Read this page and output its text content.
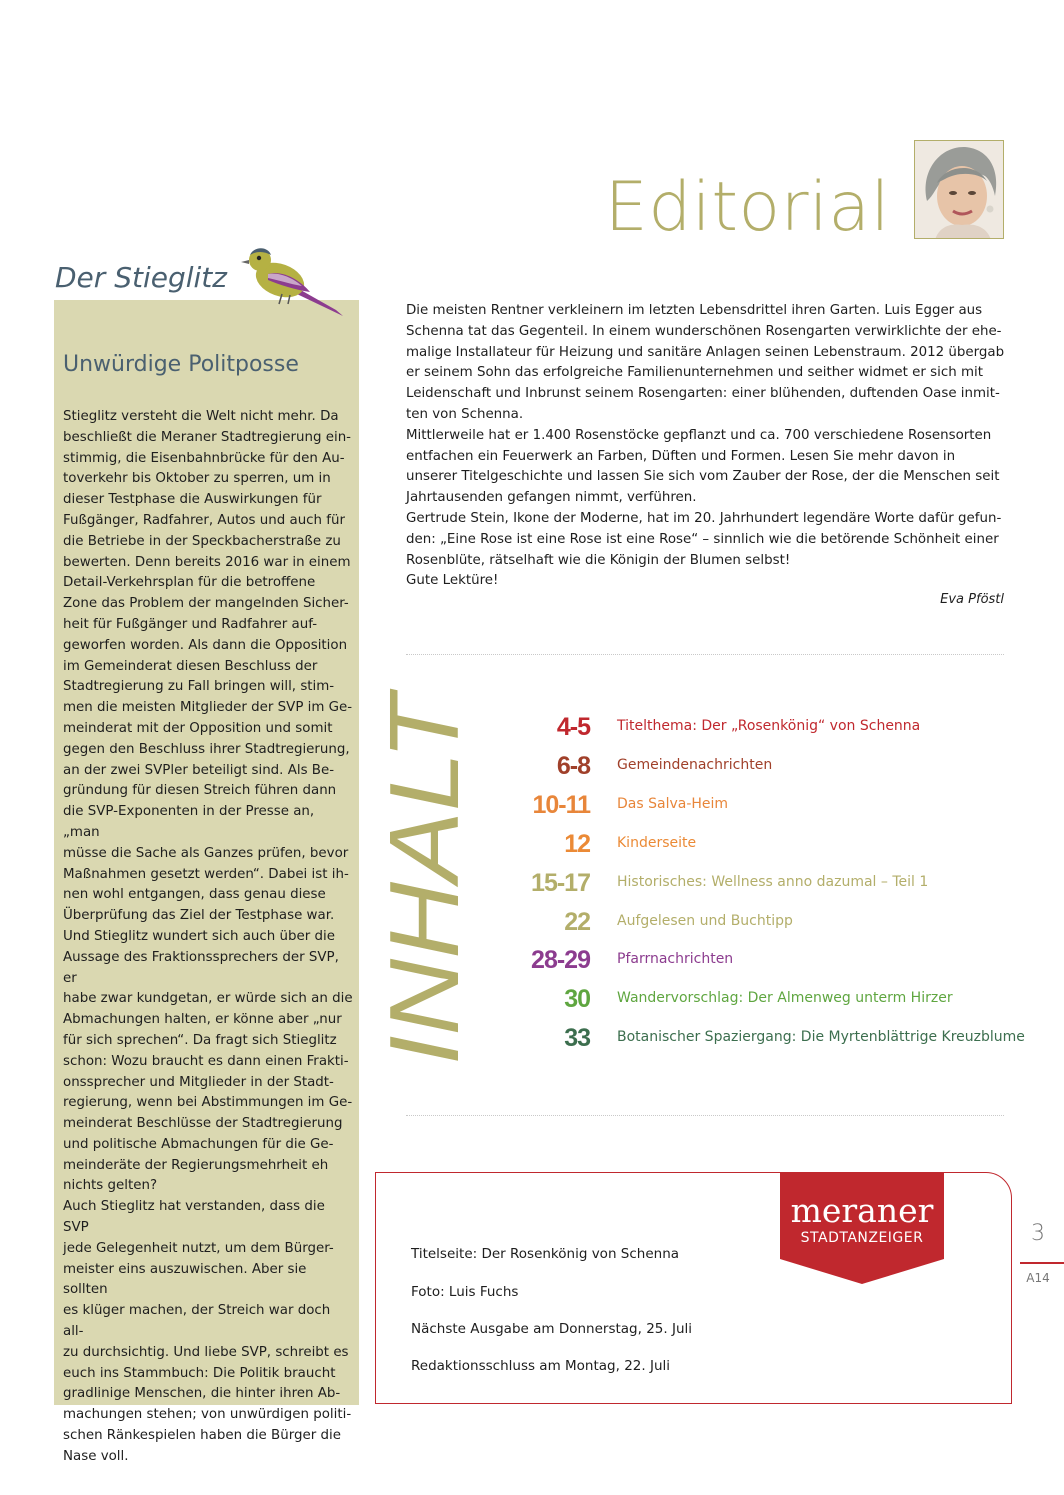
Editorial
Der Stieglitz
Unwürdige Politposse
Stieglitz versteht die Welt nicht mehr. Da
beschließt die Meraner Stadtregierung ein-
stimmig, die Eisenbahnbrücke für den Au-
toverkehr bis Oktober zu sperren, um in
dieser Testphase die Auswirkungen für
Fußgänger, Radfahrer, Autos und auch für
die Betriebe in der Speckbacherstraße zu
bewerten. Denn bereits 2016 war in einem
Detail-Verkehrsplan für die betroffene
Zone das Problem der mangelnden Sicher-
heit für Fußgänger und Radfahrer auf-
geworfen worden. Als dann die Opposition
im Gemeinderat diesen Beschluss der
Stadtregierung zu Fall bringen will, stim-
men die meisten Mitglieder der SVP im Ge-
meinderat mit der Opposition und somit
gegen den Beschluss ihrer Stadtregierung,
an der zwei SVPler beteiligt sind. Als Be-
gründung für diesen Streich führen dann
die SVP-Exponenten in der Presse an, „man
müsse die Sache als Ganzes prüfen, bevor
Maßnahmen gesetzt werden“. Dabei ist ih-
nen wohl entgangen, dass genau diese
Überprüfung das Ziel der Testphase war.
Und Stieglitz wundert sich auch über die
Aussage des Fraktionssprechers der SVP, er
habe zwar kundgetan, er würde sich an die
Abmachungen halten, er könne aber „nur
für sich sprechen“. Da fragt sich Stieglitz
schon: Wozu braucht es dann einen Frakti-
onssprecher und Mitglieder in der Stadt-
regierung, wenn bei Abstimmungen im Ge-
meinderat Beschlüsse der Stadtregierung
und politische Abmachungen für die Ge-
meinderäte der Regierungsmehrheit eh
nichts gelten?
Auch Stieglitz hat verstanden, dass die SVP
jede Gelegenheit nutzt, um dem Bürger-
meister eins auszuwischen. Aber sie sollten
es klüger machen, der Streich war doch all-
zu durchsichtig. Und liebe SVP, schreibt es
euch ins Stammbuch: Die Politik braucht
gradlinige Menschen, die hinter ihren Ab-
machungen stehen; von unwürdigen politi-
schen Ränkespielen haben die Bürger die
Nase voll.
Die meisten Rentner verkleinern im letzten Lebensdrittel ihren Garten. Luis Egger aus
Schenna tat das Gegenteil. In einem wunderschönen Rosengarten verwirklichte der ehe-
malige Installateur für Heizung und sanitäre Anlagen seinen Lebenstraum. 2012 übergab
er seinem Sohn das erfolgreiche Familienunternehmen und seither widmet er sich mit
Leidenschaft und Inbrunst seinem Rosengarten: einer blühenden, duftenden Oase inmit-
ten von Schenna.
Mittlerweile hat er 1.400 Rosenstöcke gepflanzt und ca. 700 verschiedene Rosensorten
entfachen ein Feuerwerk an Farben, Düften und Formen. Lesen Sie mehr davon in
unserer Titelgeschichte und lassen Sie sich vom Zauber der Rose, der die Menschen seit
Jahrtausenden gefangen nimmt, verführen.
Gertrude Stein, Ikone der Moderne, hat im 20. Jahrhundert legendäre Worte dafür gefun-
den: „Eine Rose ist eine Rose ist eine Rose“ – sinnlich wie die betörende Schönheit einer
Rosenblüte, rätselhaft wie die Königin der Blumen selbst!
Gute Lektüre!
Eva Pföstl
INHALT	4-5 Titelthema: Der „Rosenkönig“ von Schenna
6-8 Gemeindenachrichten
10-11 Das Salva-Heim
12 Kinderseite
15-17 Historisches: Wellness anno dazumal – Teil 1
22 Aufgelesen und Buchtipp
28-29 Pfarrnachrichten
30 Wandervorschlag: Der Almenweg unterm Hirzer
33 Botanischer Spaziergang: Die Myrtenblättrige Kreuzblume
Titelseite: Der Rosenkönig von Schenna
Foto: Luis Fuchs
Nächste Ausgabe am Donnerstag, 25. Juli
Redaktionsschluss am Montag, 22. Juli
meraner
STADTANZEIGER	3
A14
